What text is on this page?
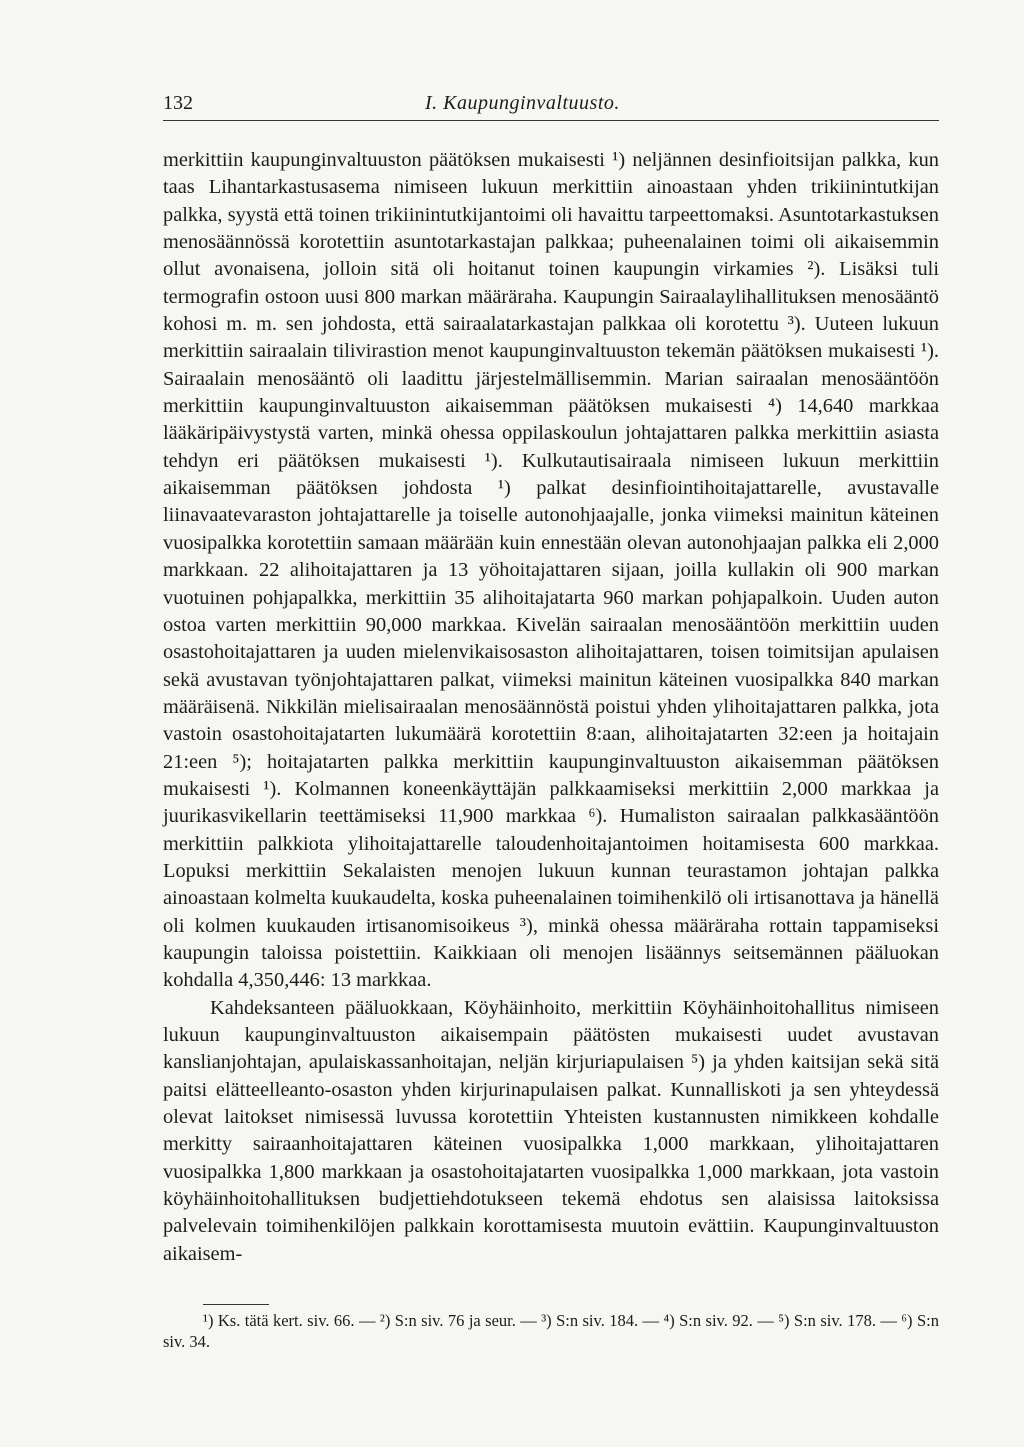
132	I. Kaupunginvaltuusto.

merkittiin kaupunginvaltuuston päätöksen mukaisesti ¹) neljännen desinfioitsijan palkka, kun taas Lihantarkastusasema nimiseen lukuun merkittiin ainoastaan yhden trikiinintutkijan palkka, syystä että toinen trikiinintutkijantoimi oli havaittu tarpeettomaksi. Asuntotarkastuksen menosäännössä korotettiin asuntotarkastajan palkkaa; puheenalainen toimi oli aikaisemmin ollut avonaisena, jolloin sitä oli hoitanut toinen kaupungin virkamies ²). Lisäksi tuli termografin ostoon uusi 800 markan määräraha. Kaupungin Sairaalaylihallituksen menosääntö kohosi m. m. sen johdosta, että sairaalatarkastajan palkkaa oli korotettu ³). Uuteen lukuun merkittiin sairaalain tilivirastion menot kaupunginvaltuuston tekemän päätöksen mukaisesti ¹). Sairaalain menosääntö oli laadittu järjestelmällisemmin. Marian sairaalan menosääntöön merkittiin kaupunginvaltuuston aikaisemman päätöksen mukaisesti ⁴) 14,640 markkaa lääkäripäivystystä varten, minkä ohessa oppilaskoulun johtajattaren palkka merkittiin asiasta tehdyn eri päätöksen mukaisesti ¹). Kulkutautisairaala nimiseen lukuun merkittiin aikaisemman päätöksen johdosta ¹) palkat desinfiointihoitajattarelle, avustavalle liinavaatevaraston johtajattarelle ja toiselle autonohjaajalle, jonka viimeksi mainitun käteinen vuosipalkka korotettiin samaan määrään kuin ennestään olevan autonohjaajan palkka eli 2,000 markkaan. 22 alihoitajattaren ja 13 yöhoitajattaren sijaan, joilla kullakin oli 900 markan vuotuinen pohjapalkka, merkittiin 35 alihoitajatarta 960 markan pohjapalkoin. Uuden auton ostoa varten merkittiin 90,000 markkaa. Kivelän sairaalan menosääntöön merkittiin uuden osastohoitajattaren ja uuden mielenvikaisosaston alihoitajattaren, toisen toimitsijan apulaisen sekä avustavan työnjohtajattaren palkat, viimeksi mainitun käteinen vuosipalkka 840 markan määräisenä. Nikkilän mielisairaalan menosäännöstä poistui yhden ylihoitajattaren palkka, jota vastoin osastohoitajatarten lukumäärä korotettiin 8:aan, alihoitajatarten 32:een ja hoitajain 21:een ⁵); hoitajatarten palkka merkittiin kaupunginvaltuuston aikaisemman päätöksen mukaisesti ¹). Kolmannen koneenkäyttäjän palkkaamiseksi merkittiin 2,000 markkaa ja juurikasvikellarin teettämiseksi 11,900 markkaa ⁶). Humaliston sairaalan palkkasääntöön merkittiin palkkiota ylihoitajattarelle taloudenhoitajantoimen hoitamisesta 600 markkaa. Lopuksi merkittiin Sekalaisten menojen lukuun kunnan teurastamon johtajan palkka ainoastaan kolmelta kuukaudelta, koska puheenalainen toimihenkilö oli irtisanottava ja hänellä oli kolmen kuukauden irtisanomisoikeus ³), minkä ohessa määräraha rottain tappamiseksi kaupungin taloissa poistettiin. Kaikkiaan oli menojen lisäännys seitsemännen pääluokan kohdalla 4,350,446: 13 markkaa.

Kahdeksanteen pääluokkaan, Köyhäinhoito, merkittiin Köyhäinhoitohallitus nimiseen lukuun kaupunginvaltuuston aikaisempain päätösten mukaisesti uudet avustavan kanslianjohtajan, apulaiskassanhoitajan, neljän kirjuriapulaisen ⁵) ja yhden kaitsijan sekä sitä paitsi elätteelleanto-osaston yhden kirjurinapulaisen palkat. Kunnalliskoti ja sen yhteydessä olevat laitokset nimisessä luvussa korotettiin Yhteisten kustannusten nimikkeen kohdalle merkitty sairaanhoitajattaren käteinen vuosipalkka 1,000 markkaan, ylihoitajattaren vuosipalkka 1,800 markkaan ja osastohoitajatarten vuosipalkka 1,000 markkaan, jota vastoin köyhäinhoitohallituksen budjettiehdotukseen tekemä ehdotus sen alaisissa laitoksissa palvelevain toimihenkilöjen palkkain korottamisesta muutoin evättiin. Kaupunginvaltuuston aikaisem-

¹) Ks. tätä kert. siv. 66. — ²) S:n siv. 76 ja seur. — ³) S:n siv. 184. — ⁴) S:n siv. 92. — ⁵) S:n siv. 178. — ⁶) S:n siv. 34.
